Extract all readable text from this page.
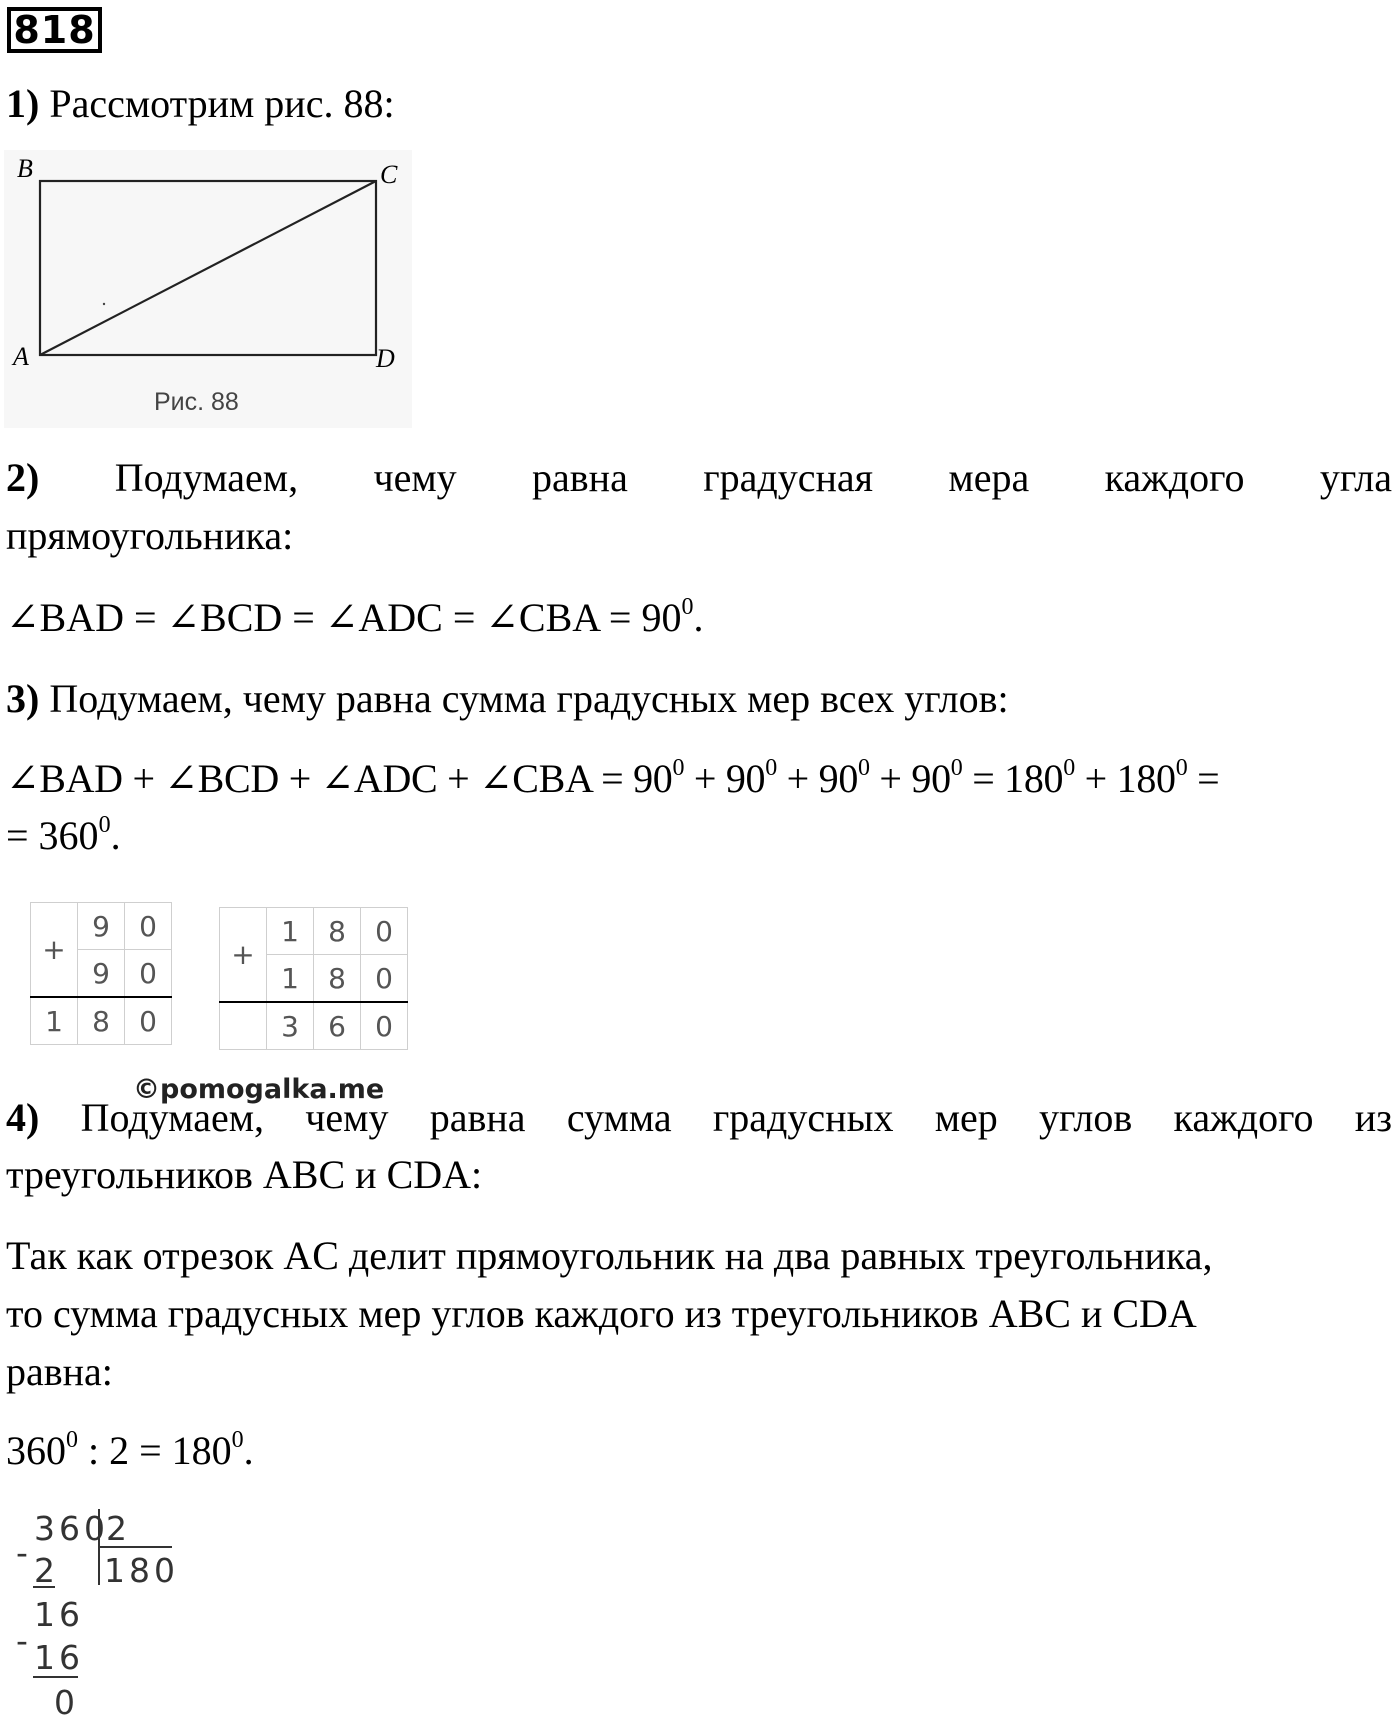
818
1) Рассмотрим рис. 88:
B	C
A	D
Рис. 88
2) Подумаем, чему равна градусная мера каждого угла
прямоугольника:
∠BAD = ∠BCD = ∠ADC = ∠CBA = $90^0$.
3) Подумаем, чему равна сумма градусных мер всех углов:
∠BAD + ∠BCD + ∠ADC + ∠CBA = $90^0 + 90^0 + 90^0 + 90^0 = 180^0 + 180^0$ =
= $360^0$.
+	9	0
	9	0
1	8	0
+	1	8	0
	1	8	0
	3	6	0
4) Подумаем, чему равна сумма градусных мер углов каждого из
©pomogalka.me
треугольников ABC и CDA:
Так как отрезок AC делит прямоугольник на два равных треугольника,
то сумма градусных мер углов каждого из треугольников ABC и CDA
равна:
$360^0$ : $2 = 180^0$.
360
2
- 2 180
16
- 16
0
